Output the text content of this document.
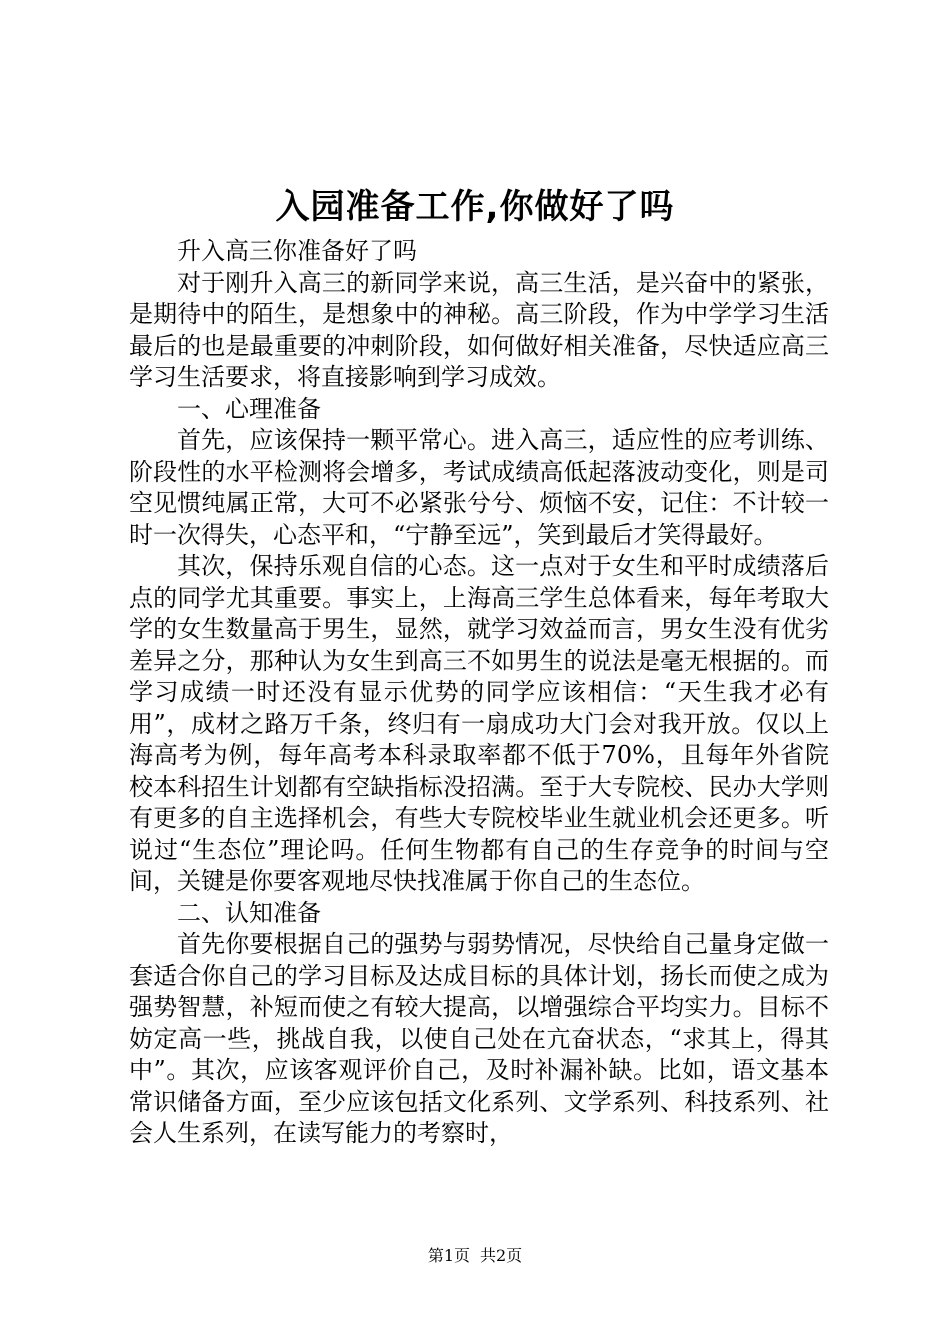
入园准备工作,你做好了吗

升入高三你准备好了吗

对于刚升入高三的新同学来说，高三生活，是兴奋中的紧张，是期待中的陌生，是想象中的神秘。高三阶段，作为中学学习生活最后的也是最重要的冲刺阶段，如何做好相关准备，尽快适应高三学习生活要求，将直接影响到学习成效。

一、心理准备

首先，应该保持一颗平常心。进入高三，适应性的应考训练、阶段性的水平检测将会增多，考试成绩高低起落波动变化，则是司空见惯纯属正常，大可不必紧张兮兮、烦恼不安，记住：不计较一时一次得失，心态平和，“宁静至远”，笑到最后才笑得最好。

其次，保持乐观自信的心态。这一点对于女生和平时成绩落后点的同学尤其重要。事实上，上海高三学生总体看来，每年考取大学的女生数量高于男生，显然，就学习效益而言，男女生没有优劣差异之分，那种认为女生到高三不如男生的说法是毫无根据的。而学习成绩一时还没有显示优势的同学应该相信：“天生我才必有用”，成材之路万千条，终归有一扇成功大门会对我开放。仅以上海高考为例，每年高考本科录取率都不低于70%，且每年外省院校本科招生计划都有空缺指标没招满。至于大专院校、民办大学则有更多的自主选择机会，有些大专院校毕业生就业机会还更多。听说过“生态位”理论吗。任何生物都有自己的生存竞争的时间与空间，关键是你要客观地尽快找准属于你自己的生态位。

二、认知准备

首先你要根据自己的强势与弱势情况，尽快给自己量身定做一套适合你自己的学习目标及达成目标的具体计划，扬长而使之成为强势智慧，补短而使之有较大提高，以增强综合平均实力。目标不妨定高一些，挑战自我，以使自己处在亢奋状态，“求其上，得其中”。其次，应该客观评价自己，及时补漏补缺。比如，语文基本常识储备方面，至少应该包括文化系列、文学系列、科技系列、社会人生系列，在读写能力的考察时，

第1页 共2页
